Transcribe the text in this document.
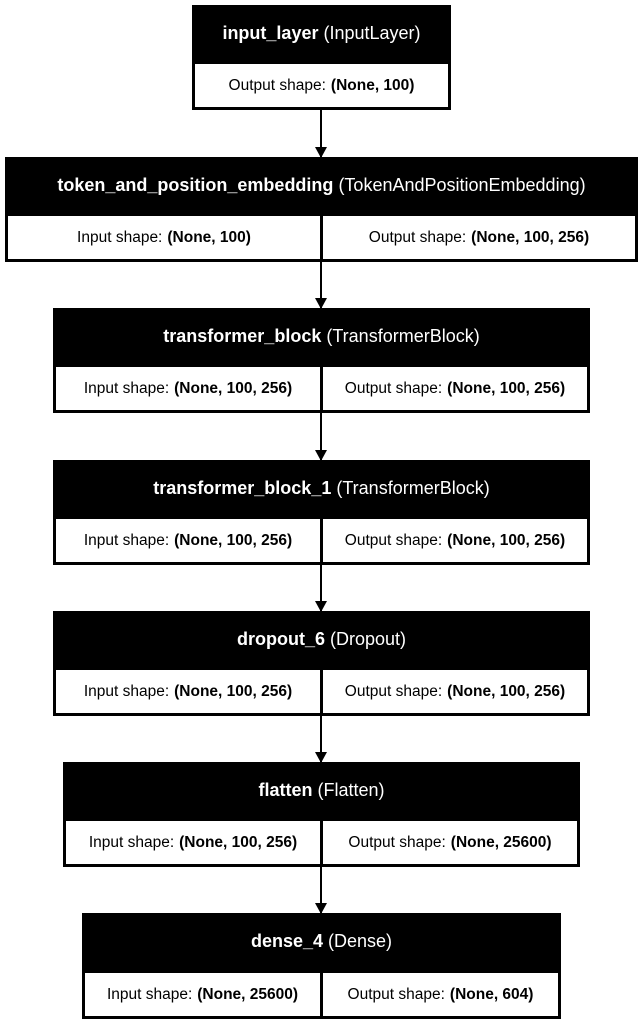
input_layer (InputLayer)
Output shape: (None, 100)
token_and_position_embedding (TokenAndPositionEmbedding)
Input shape: (None, 100)	Output shape: (None, 100, 256)
transformer_block (TransformerBlock)
Input shape: (None, 100, 256)	Output shape: (None, 100, 256)
transformer_block_1 (TransformerBlock)
Input shape: (None, 100, 256)	Output shape: (None, 100, 256)
dropout_6 (Dropout)
Input shape: (None, 100, 256)	Output shape: (None, 100, 256)
flatten (Flatten)
Input shape: (None, 100, 256)	Output shape: (None, 25600)
dense_4 (Dense)
Input shape: (None, 25600)	Output shape: (None, 604)
